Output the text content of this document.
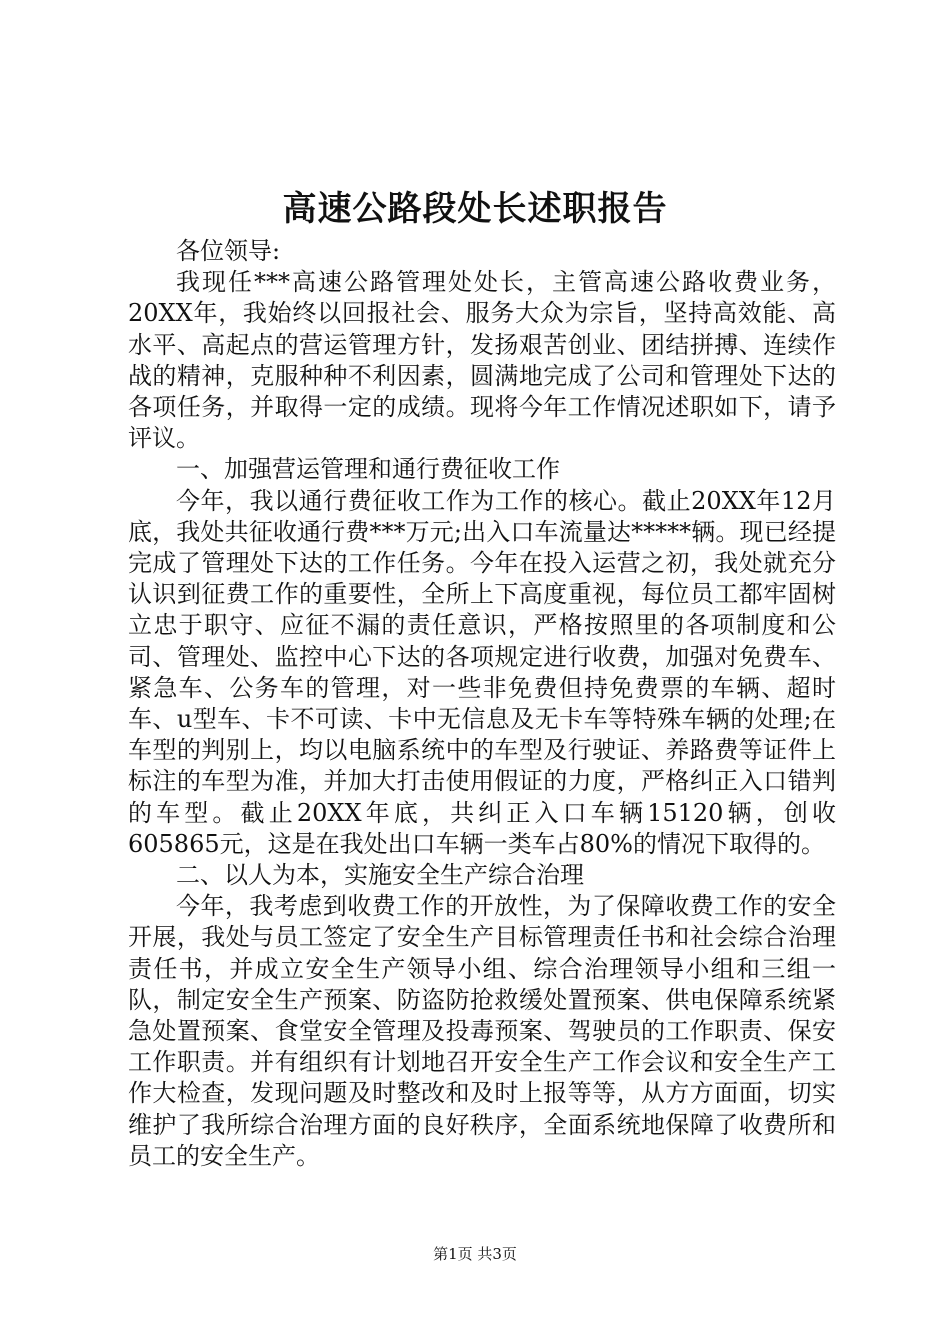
高速公路段处长述职报告

各位领导:

我现任***高速公路管理处处长，主管高速公路收费业务，20XX年，我始终以回报社会、服务大众为宗旨，坚持高效能、高水平、高起点的营运管理方针，发扬艰苦创业、团结拼搏、连续作战的精神，克服种种不利因素，圆满地完成了公司和管理处下达的各项任务，并取得一定的成绩。现将今年工作情况述职如下，请予评议。

一、加强营运管理和通行费征收工作

今年，我以通行费征收工作为工作的核心。截止20XX年12月底，我处共征收通行费***万元;出入口车流量达*****辆。现已经提完成了管理处下达的工作任务。今年在投入运营之初，我处就充分认识到征费工作的重要性，全所上下高度重视，每位员工都牢固树立忠于职守、应征不漏的责任意识，严格按照里的各项制度和公司、管理处、监控中心下达的各项规定进行收费，加强对免费车、紧急车、公务车的管理，对一些非免费但持免费票的车辆、超时车、u型车、卡不可读、卡中无信息及无卡车等特殊车辆的处理;在车型的判别上，均以电脑系统中的车型及行驶证、养路费等证件上标注的车型为准，并加大打击使用假证的力度，严格纠正入口错判的车型。截止20XX年底，共纠正入口车辆15120辆，创收605865元，这是在我处出口车辆一类车占80%的情况下取得的。

二、以人为本，实施安全生产综合治理

今年，我考虑到收费工作的开放性，为了保障收费工作的安全开展，我处与员工签定了安全生产目标管理责任书和社会综合治理责任书，并成立安全生产领导小组、综合治理领导小组和三组一队，制定安全生产预案、防盗防抢救缓处置预案、供电保障系统紧急处置预案、食堂安全管理及投毒预案、驾驶员的工作职责、保安工作职责。并有组织有计划地召开安全生产工作会议和安全生产工作大检查，发现问题及时整改和及时上报等等，从方方面面，切实维护了我所综合治理方面的良好秩序，全面系统地保障了收费所和员工的安全生产。

第1页 共3页
